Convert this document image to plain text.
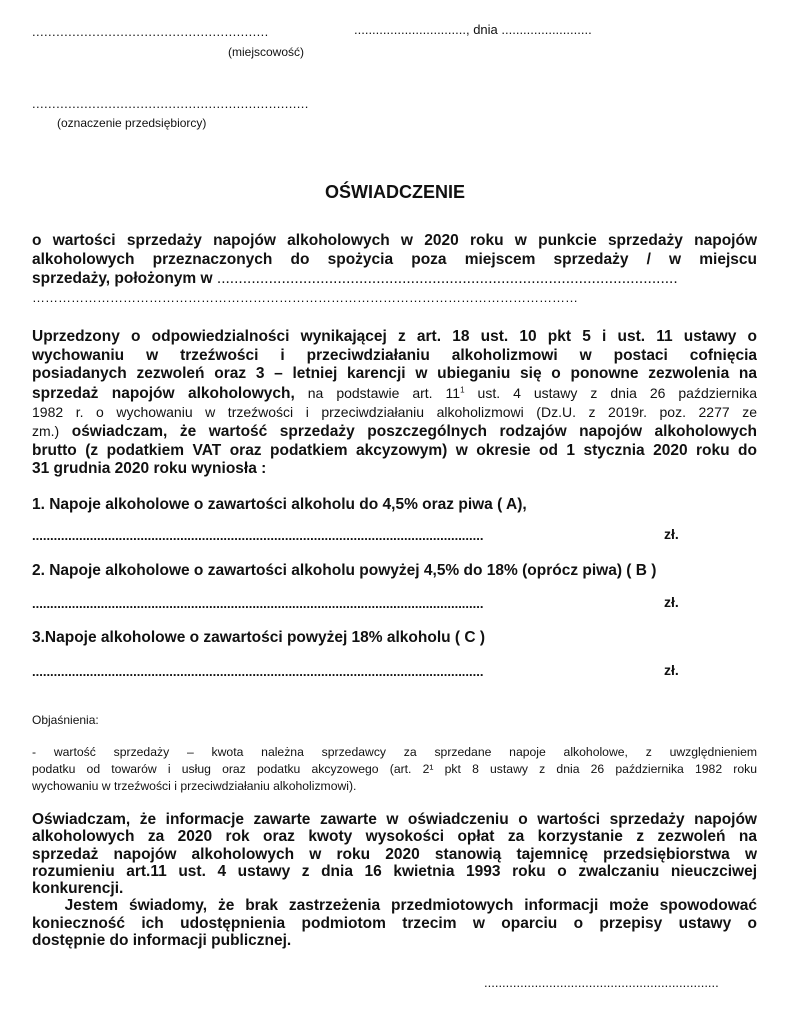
...........................................................	..............................., dnia .........................
(miejscowość)
.....................................................................
(oznaczenie przedsiębiorcy)
OŚWIADCZENIE
o wartości sprzedaży napojów alkoholowych w 2020 roku w punkcie sprzedaży napojów
alkoholowych przeznaczonych do spożycia poza miejscem sprzedaży / w miejscu
sprzedaży, położonym w ...........................................................................................................
………………………………………………………………………………………………………………
Uprzedzony o odpowiedzialności wynikającej z art. 18 ust. 10 pkt 5 i ust. 11 ustawy o
wychowaniu w trzeźwości i przeciwdziałaniu alkoholizmowi w postaci cofnięcia
posiadanych zezwoleń oraz 3 – letniej karencji w ubieganiu się o ponowne zezwolenia na
sprzedaż napojów alkoholowych, na podstawie art. $11^1$ ust. 4 ustawy z dnia 26 października
1982 r. o wychowaniu w trzeźwości i przeciwdziałaniu alkoholizmowi (Dz.U. z 2019r. poz. 2277 ze
zm.) oświadczam, że wartość sprzedaży poszczególnych rodzajów napojów alkoholowych
brutto (z podatkiem VAT oraz podatkiem akcyzowym) w okresie od 1 stycznia 2020 roku do
31 grudnia 2020 roku wyniosła :
1. Napoje alkoholowe o zawartości alkoholu do 4,5% oraz piwa ( A),
.............................................................................................................................	zł.
2. Napoje alkoholowe o zawartości alkoholu powyżej 4,5% do 18% (oprócz piwa) ( B )
.............................................................................................................................	zł.
3.Napoje alkoholowe o zawartości powyżej 18% alkoholu ( C )
.............................................................................................................................	zł.
Objaśnienia:
- wartość sprzedaży – kwota należna sprzedawcy za sprzedane napoje alkoholowe, z uwzględnieniem
podatku od towarów i usług oraz podatku akcyzowego (art. 2¹ pkt 8 ustawy z dnia 26 października 1982 roku
wychowaniu w trzeźwości i przeciwdziałaniu alkoholizmowi).
Oświadczam, że informacje zawarte zawarte w oświadczeniu o wartości sprzedaży napojów
alkoholowych za 2020 rok oraz kwoty wysokości opłat za korzystanie z zezwoleń na
sprzedaż napojów alkoholowych w roku 2020 stanowią tajemnicę przedsiębiorstwa w
rozumieniu art.11 ust. 4 ustawy z dnia 16 kwietnia 1993 roku o zwalczaniu nieuczciwej
konkurencji.
Jestem świadomy, że brak zastrzeżenia przedmiotowych informacji może spowodować
konieczność ich udostępnienia podmiotom trzecim w oparciu o przepisy ustawy o
dostępnie do informacji publicznej.
.................................................................
